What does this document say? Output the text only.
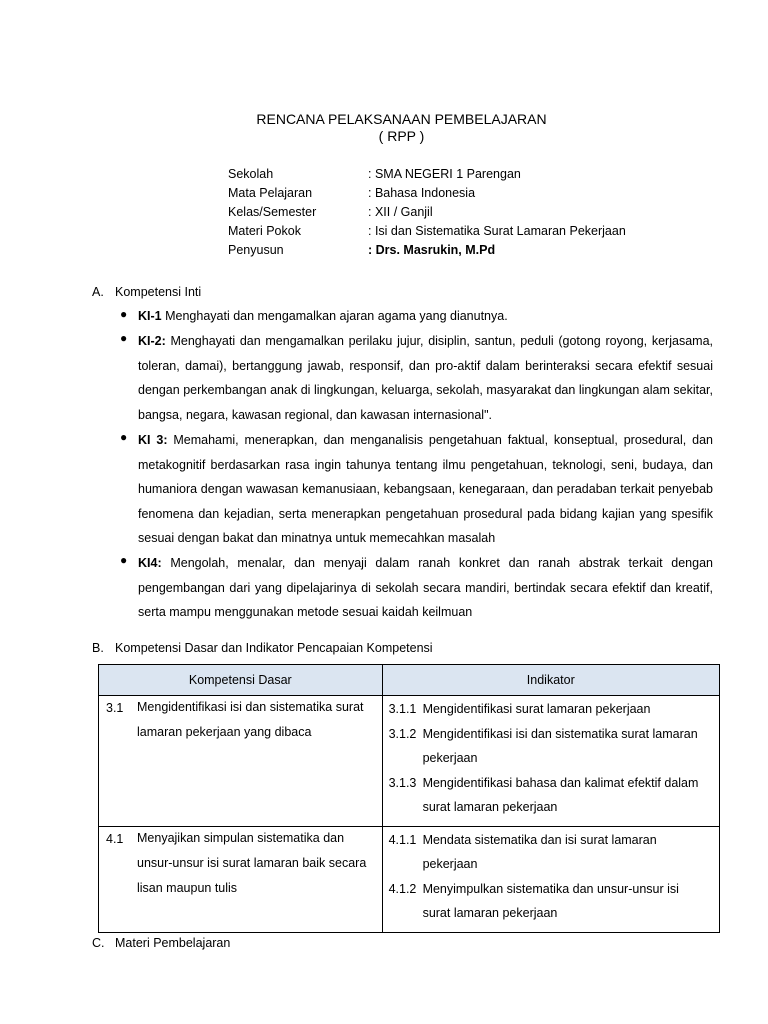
RENCANA PELAKSANAAN PEMBELAJARAN
( RPP )
Sekolah	: SMA NEGERI 1 Parengan
Mata Pelajaran	: Bahasa Indonesia
Kelas/Semester	: XII / Ganjil
Materi Pokok	: Isi dan Sistematika Surat Lamaran Pekerjaan
Penyusun	: Drs. Masrukin, M.Pd
A. Kompetensi Inti
● KI-1 Menghayati dan mengamalkan ajaran agama yang dianutnya.
● KI-2: Menghayati dan mengamalkan perilaku jujur, disiplin, santun, peduli (gotong royong, kerjasama, toleran, damai), bertanggung jawab, responsif, dan pro-aktif dalam berinteraksi secara efektif sesuai dengan perkembangan anak di lingkungan, keluarga, sekolah, masyarakat dan lingkungan alam sekitar, bangsa, negara, kawasan regional, dan kawasan internasional".
● KI 3: Memahami, menerapkan, dan menganalisis pengetahuan faktual, konseptual, prosedural, dan metakognitif berdasarkan rasa ingin tahunya tentang ilmu pengetahuan, teknologi, seni, budaya, dan humaniora dengan wawasan kemanusiaan, kebangsaan, kenegaraan, dan peradaban terkait penyebab fenomena dan kejadian, serta menerapkan pengetahuan prosedural pada bidang kajian yang spesifik sesuai dengan bakat dan minatnya untuk memecahkan masalah
● KI4: Mengolah, menalar, dan menyaji dalam ranah konkret dan ranah abstrak terkait dengan pengembangan dari yang dipelajarinya di sekolah secara mandiri, bertindak secara efektif dan kreatif, serta mampu menggunakan metode sesuai kaidah keilmuan
B. Kompetensi Dasar dan Indikator Pencapaian Kompetensi
Kompetensi Dasar	Indikator

3.1 Mengidentifikasi isi dan sistematika surat lamaran pekerjaan yang dibaca

3.1.1 Mengidentifikasi surat lamaran pekerjaan
3.1.2 Mengidentifikasi isi dan sistematika surat lamaran
pekerjaan
3.1.3 Mengidentifikasi bahasa dan kalimat efektif dalam
surat lamaran pekerjaan

4.1 Menyajikan simpulan sistematika dan unsur-unsur isi surat lamaran baik secara lisan maupun tulis

4.1.1 Mendata sistematika dan isi surat lamaran
pekerjaan
4.1.2 Menyimpulkan sistematika dan unsur-unsur isi
surat lamaran pekerjaan
C. Materi Pembelajaran
